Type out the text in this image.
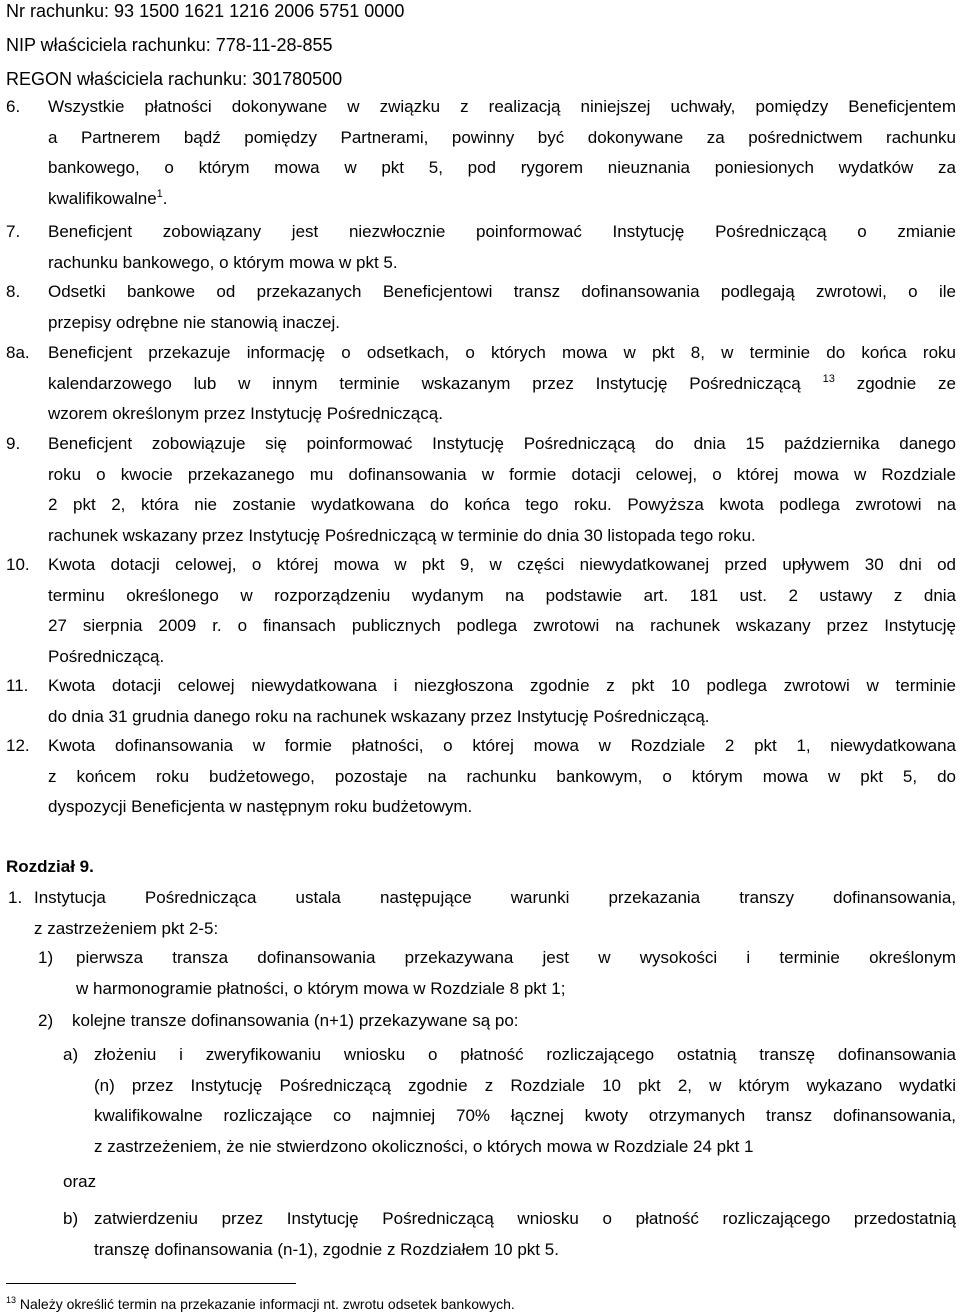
Nr rachunku: 93 1500 1621 1216 2006 5751 0000
NIP właściciela rachunku: 778-11-28-855
REGON właściciela rachunku: 301780500
6. Wszystkie płatności dokonywane w związku z realizacją niniejszej uchwały, pomiędzy Beneficjentem
a Partnerem bądź pomiędzy Partnerami, powinny być dokonywane za pośrednictwem rachunku
bankowego, o którym mowa w pkt 5, pod rygorem nieuznania poniesionych wydatków za
kwalifikowalne$^1$.
7. Beneficjent zobowiązany jest niezwłocznie poinformować Instytucję Pośredniczącą o zmianie
rachunku bankowego, o którym mowa w pkt 5.
8. Odsetki bankowe od przekazanych Beneficjentowi transz dofinansowania podlegają zwrotowi, o ile
przepisy odrębne nie stanowią inaczej.
8a. Beneficjent przekazuje informację o odsetkach, o których mowa w pkt 8, w terminie do końca roku
kalendarzowego lub w innym terminie wskazanym przez Instytucję Pośredniczącą $^{13}$ zgodnie ze
wzorem określonym przez Instytucję Pośredniczącą.
9. Beneficjent zobowiązuje się poinformować Instytucję Pośredniczącą do dnia 15 października danego
roku o kwocie przekazanego mu dofinansowania w formie dotacji celowej, o której mowa w Rozdziale
2 pkt 2, która nie zostanie wydatkowana do końca tego roku. Powyższa kwota podlega zwrotowi na
rachunek wskazany przez Instytucję Pośredniczącą w terminie do dnia 30 listopada tego roku.
10. Kwota dotacji celowej, o której mowa w pkt 9, w części niewydatkowanej przed upływem 30 dni od
terminu określonego w rozporządzeniu wydanym na podstawie art. 181 ust. 2 ustawy z dnia
27 sierpnia 2009 r. o finansach publicznych podlega zwrotowi na rachunek wskazany przez Instytucję
Pośredniczącą.
11. Kwota dotacji celowej niewydatkowana i niezgłoszona zgodnie z pkt 10 podlega zwrotowi w terminie
do dnia 31 grudnia danego roku na rachunek wskazany przez Instytucję Pośredniczącą.
12. Kwota dofinansowania w formie płatności, o której mowa w Rozdziale 2 pkt 1, niewydatkowana
z końcem roku budżetowego, pozostaje na rachunku bankowym, o którym mowa w pkt 5, do
dyspozycji Beneficjenta w następnym roku budżetowym.
Rozdział 9.
1. Instytucja Pośrednicząca ustala następujące warunki przekazania transzy dofinansowania,
z zastrzeżeniem pkt 2-5:
1) pierwsza transza dofinansowania przekazywana jest w wysokości i terminie określonym
w harmonogramie płatności, o którym mowa w Rozdziale 8 pkt 1;
2) kolejne transze dofinansowania (n+1) przekazywane są po:
a) złożeniu i zweryfikowaniu wniosku o płatność rozliczającego ostatnią transzę dofinansowania
(n) przez Instytucję Pośredniczącą zgodnie z Rozdziale 10 pkt 2, w którym wykazano wydatki
kwalifikowalne rozliczające co najmniej 70% łącznej kwoty otrzymanych transz dofinansowania,
z zastrzeżeniem, że nie stwierdzono okoliczności, o których mowa w Rozdziale 24 pkt 1
oraz
b) zatwierdzeniu przez Instytucję Pośredniczącą wniosku o płatność rozliczającego przedostatnią
transzę dofinansowania (n-1), zgodnie z Rozdziałem 10 pkt 5.
$^{13}$ Należy określić termin na przekazanie informacji nt. zwrotu odsetek bankowych.
